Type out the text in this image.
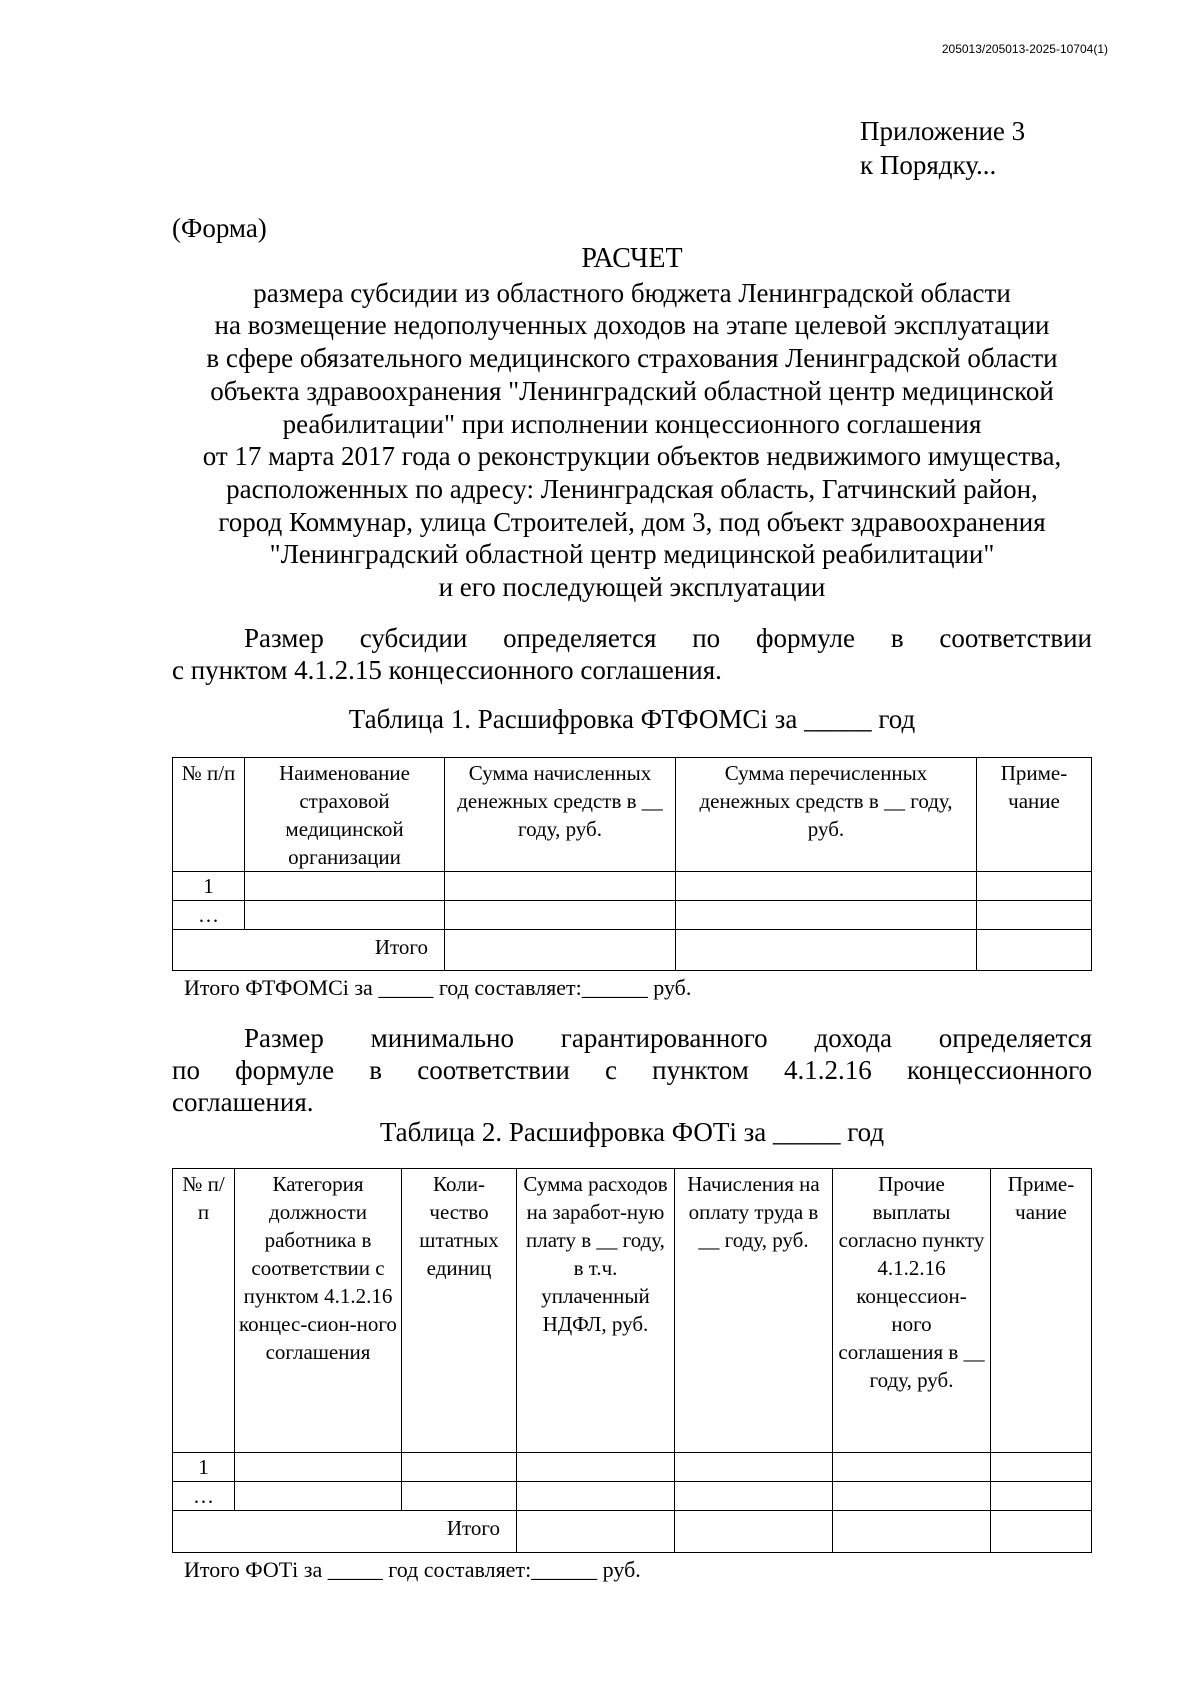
205013/205013-2025-10704(1)
Приложение 3
к Порядку...
(Форма)
РАСЧЕТ
размера субсидии из областного бюджета Ленинградской области
на возмещение недополученных доходов на этапе целевой эксплуатации
в сфере обязательного медицинского страхования Ленинградской области
объекта здравоохранения "Ленинградский областной центр медицинской
реабилитации" при исполнении концессионного соглашения
от 17 марта 2017 года о реконструкции объектов недвижимого имущества,
расположенных по адресу: Ленинградская область, Гатчинский район,
город Коммунар, улица Строителей, дом 3, под объект здравоохранения
"Ленинградский областной центр медицинской реабилитации"
и его последующей эксплуатации
Размер субсидии определяется по формуле в соответствии
с пунктом 4.1.2.15 концессионного соглашения.
Таблица 1. Расшифровка ФТФОМСi за _____ год
№ п/п	Наименование страховой медицинской организации	Сумма начисленных денежных средств в __ году, руб.	Сумма перечисленных денежных средств в __ году, руб.	Приме-чание
1				
…				
Итого				
Итого ФТФОМСi за _____ год составляет:______ руб.
Размер минимально гарантированного дохода определяется
по формуле в соответствии с пунктом 4.1.2.16 концессионного
соглашения.
Таблица 2. Расшифровка ФОТi за _____ год
№ п/п	Категория должности работника в соответствии с пунктом 4.1.2.16 концес-сион-ного соглашения	Коли-чество штатных единиц	Сумма расходов на заработ-ную плату в __ году, в т.ч. уплаченный НДФЛ, руб.	Начисления на оплату труда в __ году, руб.	Прочие выплаты согласно пункту 4.1.2.16 концессион-ного соглашения в __ году, руб.	Приме-чание
1						
…						
Итого						
Итого ФОТi за _____ год составляет:______ руб.
